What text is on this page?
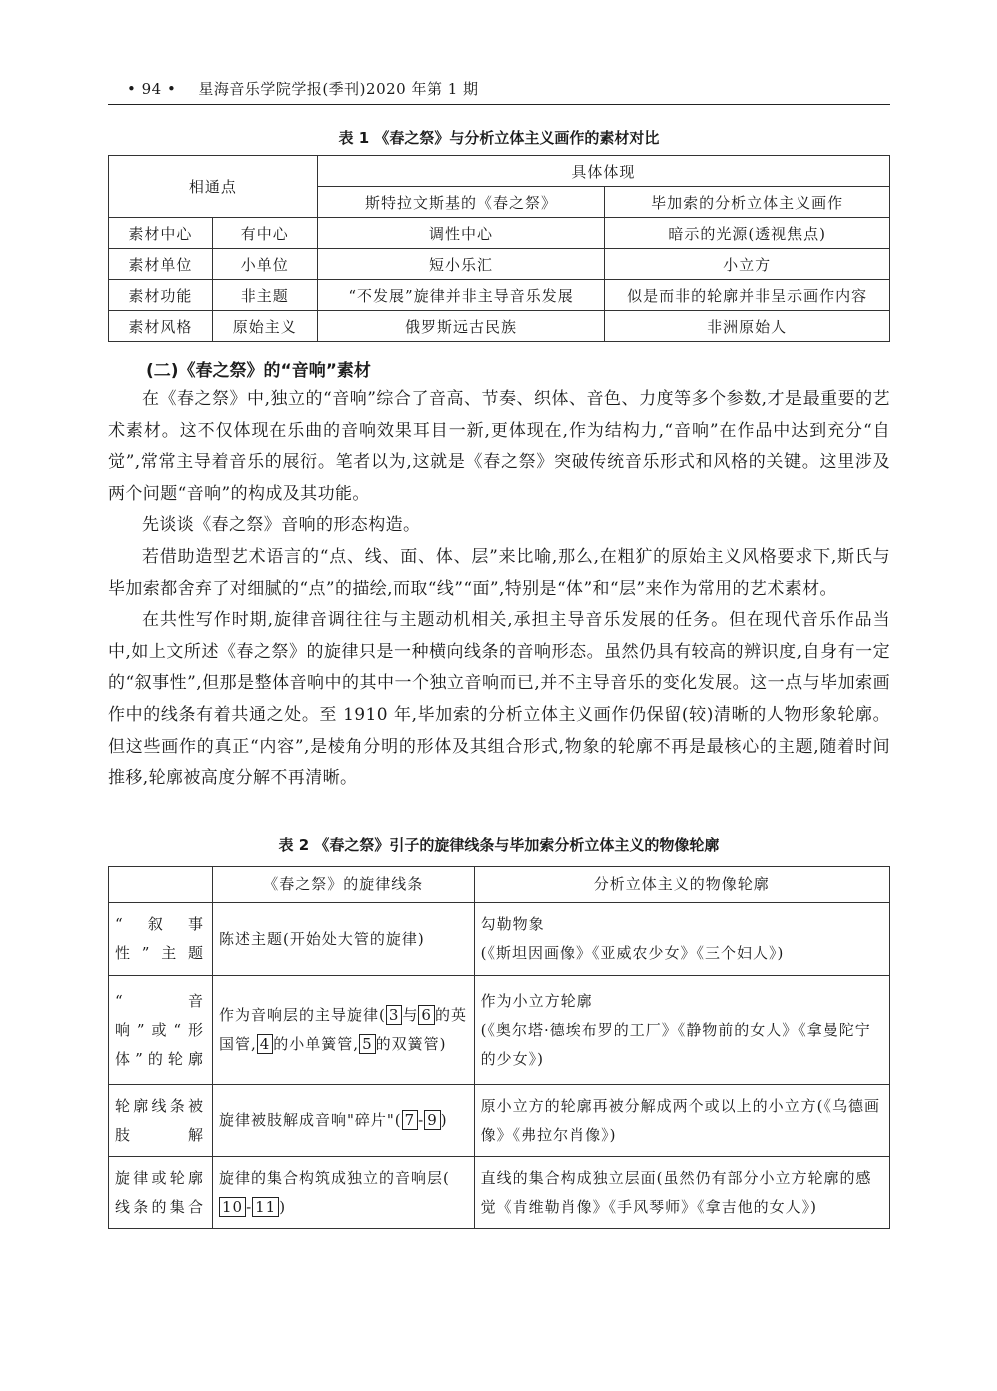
• 94 • 星海音乐学院学报(季刊)2020 年第 1 期
表 1 《春之祭》与分析立体主义画作的素材对比
相通点		具体体现	
		斯特拉文斯基的《春之祭》	毕加索的分析立体主义画作
素材中心	有中心	调性中心	暗示的光源(透视焦点)
素材单位	小单位	短小乐汇	小立方
素材功能	非主题	“不发展”旋律并非主导音乐发展	似是而非的轮廓并非呈示画作内容
素材风格	原始主义	俄罗斯远古民族	非洲原始人
(二)《春之祭》的“音响”素材

在《春之祭》中,独立的“音响”综合了音高、节奏、织体、音色、力度等多个参数,才是最重要的艺术素材。这不仅体现在乐曲的音响效果耳目一新,更体现在,作为结构力,“音响”在作品中达到充分“自觉”,常常主导着音乐的展衍。笔者以为,这就是《春之祭》突破传统音乐形式和风格的关键。这里涉及两个问题“音响”的构成及其功能。

先谈谈《春之祭》音响的形态构造。

若借助造型艺术语言的“点、线、面、体、层”来比喻,那么,在粗犷的原始主义风格要求下,斯氏与毕加索都舍弃了对细腻的“点”的描绘,而取“线”“面”,特别是“体”和“层”来作为常用的艺术素材。

在共性写作时期,旋律音调往往与主题动机相关,承担主导音乐发展的任务。但在现代音乐作品当中,如上文所述《春之祭》的旋律只是一种横向线条的音响形态。虽然仍具有较高的辨识度,自身有一定的“叙事性”,但那是整体音响中的其中一个独立音响而已,并不主导音乐的变化发展。这一点与毕加索画作中的线条有着共通之处。至 1910 年,毕加索的分析立体主义画作仍保留(较)清晰的人物形象轮廓。但这些画作的真正“内容”,是棱角分明的形体及其组合形式,物象的轮廓不再是最核心的主题,随着时间推移,轮廓被高度分解不再清晰。

表 2 《春之祭》引子的旋律线条与毕加索分析立体主义的物像轮廓
	《春之祭》的旋律线条	分析立体主义的物像轮廓
“叙事性”主题	陈述主题(开始处大管的旋律)	勾勒物象
(《斯坦因画像》《亚威农少女》《三个妇人》)

“音响”或“形体”的轮廓	作为音响层的主导旋律( 3 与 6 的英国管, 4 的小单簧管, 5 的双簧管)	作为小立方轮廓
(《奥尔塔·德埃布罗的工厂》《静物前的女人》《拿曼陀宁的少女》)

轮廓线条被肢解	旋律被肢解成音响"碎片"( 7 - 9 )	原小立方的轮廓再被分解成两个或以上的小立方(《乌德画像》《弗拉尔肖像》)
旋律或轮廓线条的集合	旋律的集合构筑成独立的音响层(10 - 11 )	直线的集合构成独立层面(虽然仍有部分小立方轮廓的感觉《肯维勒肖像》《手风琴师》《拿吉他的女人》)
